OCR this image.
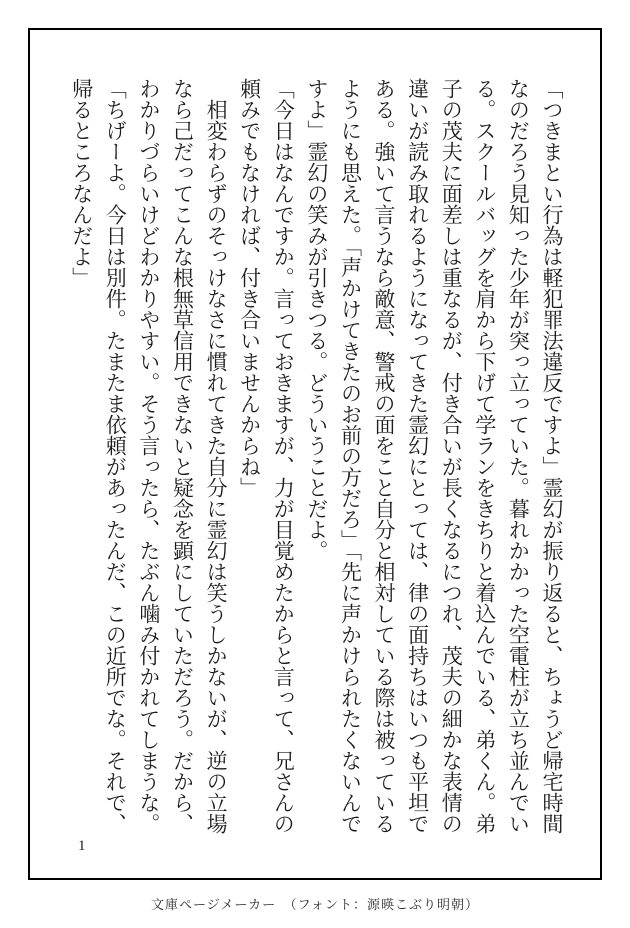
「つきまとい行為は軽犯罪法違反ですよ」霊幻が振り返ると、ちょうど帰宅時間なのだろう見知った少年が突っ立っていた。暮れかかった空電柱が立ち並んでいる。スクールバッグを肩から下げて学ランをきちりと着込んでいる、弟くん。弟子の茂夫に面差しは重なるが、付き合いが長くなるにつれ、茂夫の細かな表情の違いが読み取れるようになってきた霊幻にとっては、律の面持ちはいつも平坦である。強いて言うなら敵意、警戒の面をこと自分と相対している際は被っているようにも思えた。「声かけてきたのお前の方だろ」「先に声かけられたくないんですよ」霊幻の笑みが引きつる。どういうことだよ。

「今日はなんですか。言っておきますが、力が目覚めたからと言って、兄さんの頼みでもなければ、付き合いませんからね」

　相変わらずのそっけなさに慣れてきた自分に霊幻は笑うしかないが、逆の立場なら己だってこんな根無草信用できないと疑念を顕にしていただろう。だから、わかりづらいけどわかりやすい。そう言ったら、たぶん噛み付かれてしまうな。

「ちげーよ。今日は別件。たまたま依頼があったんだ、この近所でな。それで、帰るところなんだよ」

1
文庫ページメーカー　（フォント：源暎こぶり明朝）
